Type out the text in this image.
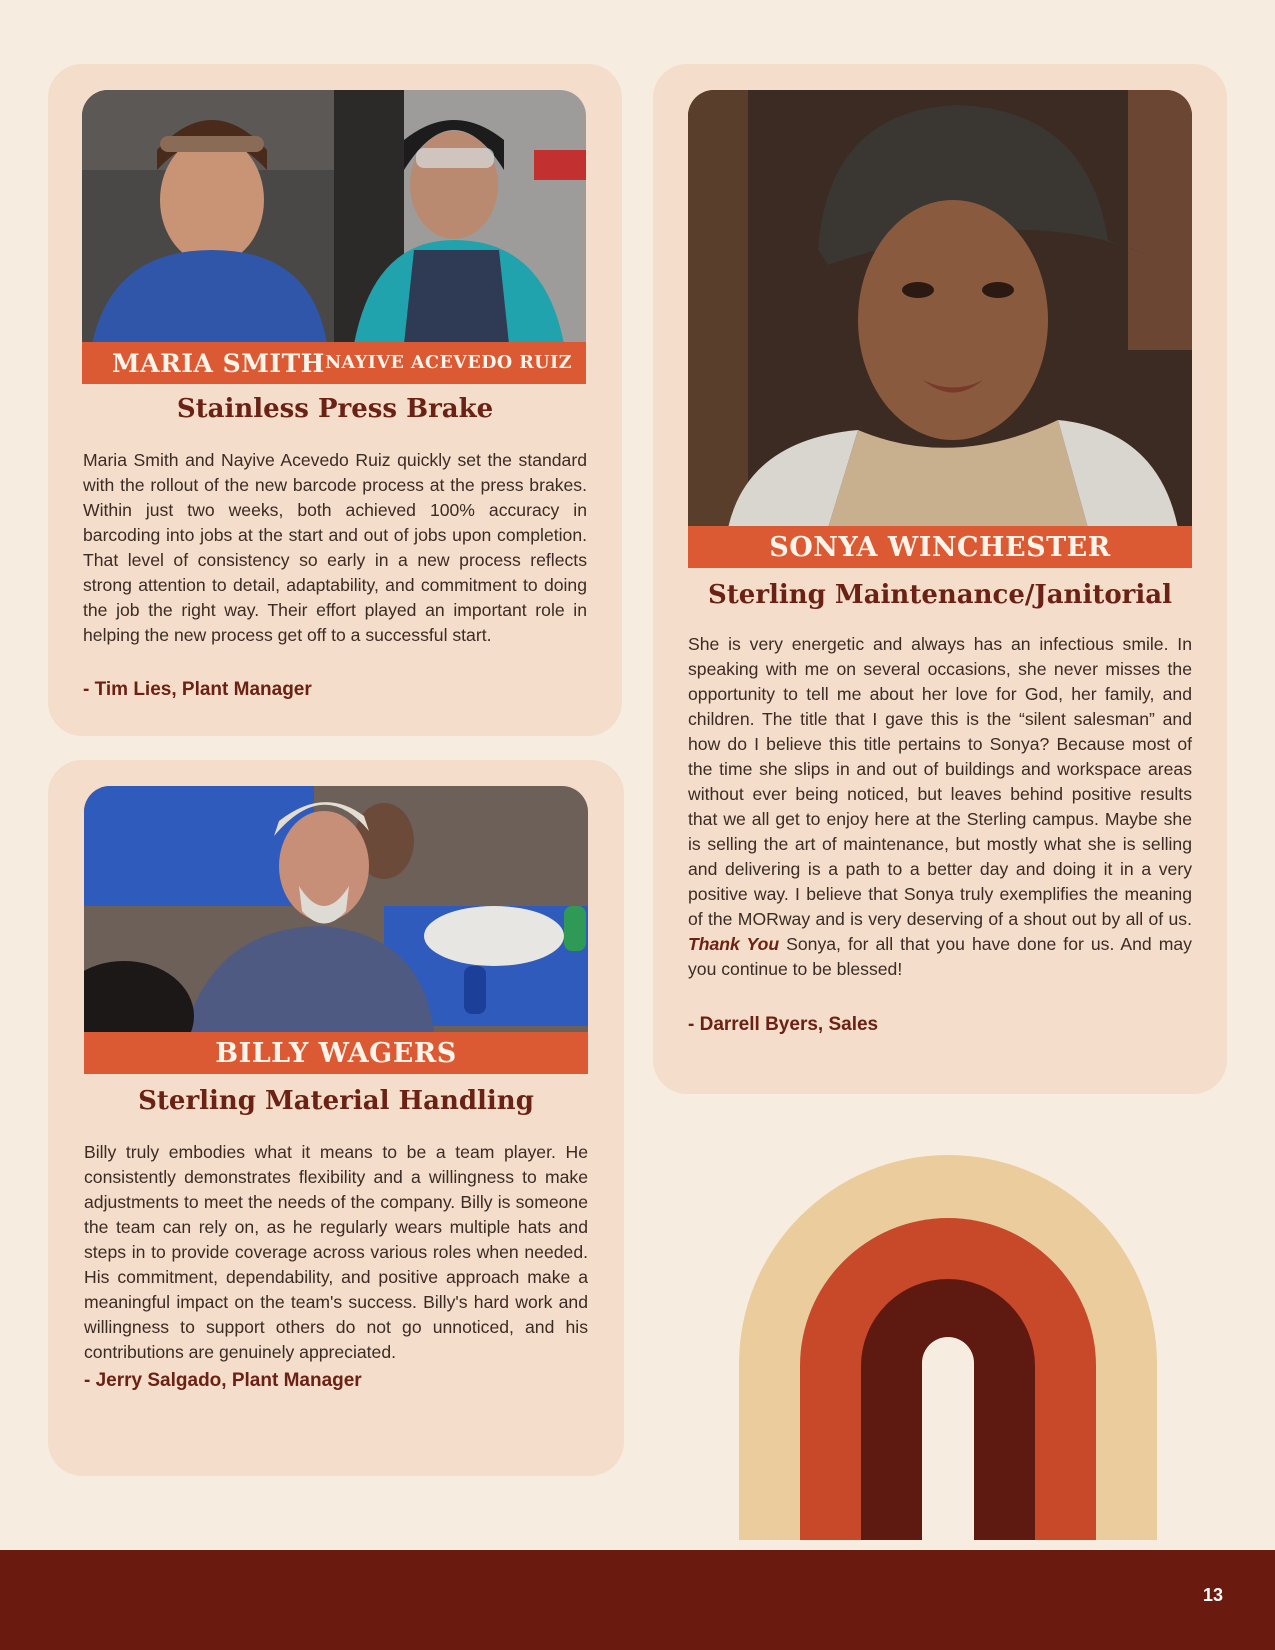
MARIA SMITH NAYIVE ACEVEDO RUIZ
Stainless Press Brake
Maria Smith and Nayive Acevedo Ruiz quickly set the standard with the rollout of the new barcode process at the press brakes. Within just two weeks, both achieved 100% accuracy in barcoding into jobs at the start and out of jobs upon completion. That level of consistency so early in a new process reflects strong attention to detail, adaptability, and commitment to doing the job the right way. Their effort played an important role in helping the new process get off to a successful start.
- Tim Lies, Plant Manager
BILLY WAGERS
Sterling Material Handling
Billy truly embodies what it means to be a team player. He consistently demonstrates flexibility and a willingness to make adjustments to meet the needs of the company. Billy is someone the team can rely on, as he regularly wears multiple hats and steps in to provide coverage across various roles when needed. His commitment, dependability, and positive approach make a meaningful impact on the team's success. Billy's hard work and willingness to support others do not go unnoticed, and his contributions are genuinely appreciated.
- Jerry Salgado, Plant Manager
SONYA WINCHESTER
Sterling Maintenance/Janitorial
She is very energetic and always has an infectious smile. In speaking with me on several occasions, she never misses the opportunity to tell me about her love for God, her family, and children. The title that I gave this is the “silent salesman” and how do I believe this title pertains to Sonya? Because most of the time she slips in and out of buildings and workspace areas without ever being noticed, but leaves behind positive results that we all get to enjoy here at the Sterling campus. Maybe she is selling the art of maintenance, but mostly what she is selling and delivering is a path to a better day and doing it in a very positive way. I believe that Sonya truly exemplifies the meaning of the MORway and is very deserving of a shout out by all of us. Thank You Sonya, for all that you have done for us. And may you continue to be blessed!
- Darrell Byers, Sales
13
